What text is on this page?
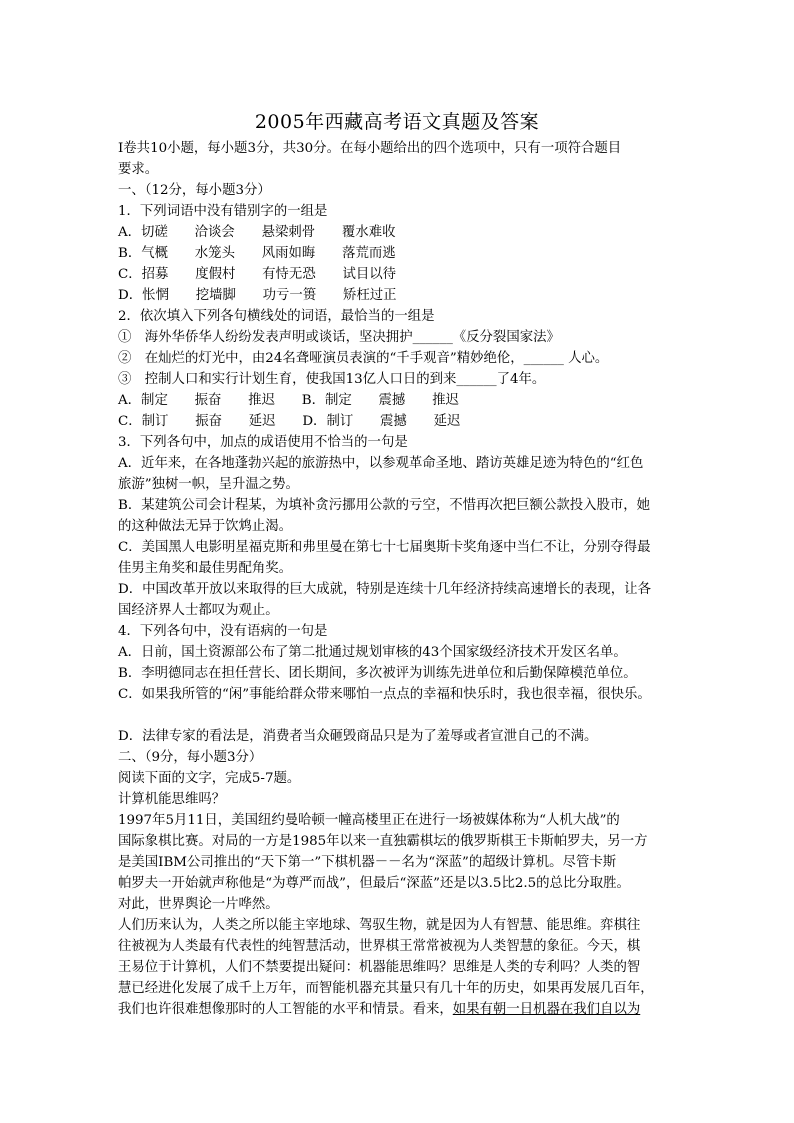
2005年西藏高考语文真题及答案
Ⅰ卷共10小题，每小题3分，共30分。在每小题给出的四个选项中，只有一项符合题目
要求。
一、（12分，每小题3分）
1．下列词语中没有错别字的一组是
A．切磋　　洽谈会　　悬梁刺骨　　覆水难收
B．气概　　水笼头　　风雨如晦　　落荒而逃
C．招募　　度假村　　有恃无恐　　试目以待
D．怅惘　　挖墙脚　　功亏一篑　　矫枉过正
2．依次填入下列各句横线处的词语，最恰当的一组是
①　海外华侨华人纷纷发表声明或谈话，坚决拥护______《反分裂国家法》
②　在灿烂的灯光中，由24名聋哑演员表演的“千手观音”精妙绝伦，______ 人心。
③　控制人口和实行计划生育，使我国13亿人口日的到来______了4年。
A．制定　　振奋　　推迟　　B．制定　　震撼　　推迟
C．制订　　振奋　　延迟　　D．制订　　震撼　　延迟
3．下列各句中，加点的成语使用不恰当的一句是
A．近年来，在各地蓬勃兴起的旅游热中，以参观革命圣地、踏访英雄足迹为特色的“红色
旅游”独树一帜，呈升温之势。
B．某建筑公司会计程某，为填补贪污挪用公款的亏空，不惜再次把巨额公款投入股市，她
的这种做法无异于饮鸩止渴。
C．美国黑人电影明星福克斯和弗里曼在第七十七届奥斯卡奖角逐中当仁不让，分别夺得最
佳男主角奖和最佳男配角奖。
D．中国改革开放以来取得的巨大成就，特别是连续十几年经济持续高速增长的表现，让各
国经济界人士都叹为观止。
4．下列各句中，没有语病的一句是
A．日前，国土资源部公布了第二批通过规划审核的43个国家级经济技术开发区名单。
B．李明德同志在担任营长、团长期间，多次被评为训练先进单位和后勤保障模范单位。
C．如果我所管的“闲”事能给群众带来哪怕一点点的幸福和快乐时，我也很幸福，很快乐。
D．法律专家的看法是，消费者当众砸毁商品只是为了羞辱或者宣泄自己的不满。
二、（9分，每小题3分）
阅读下面的文字，完成5-7题。
计算机能思维吗？
1997年5月11日，美国纽约曼哈顿一幢高楼里正在进行一场被媒体称为“人机大战”的
国际象棋比赛。对局的一方是1985年以来一直独霸棋坛的俄罗斯棋王卡斯帕罗夫，另一方
是美国IBM公司推出的“天下第一”下棋机器－－名为“深蓝”的超级计算机。尽管卡斯
帕罗夫一开始就声称他是“为尊严而战”，但最后“深蓝”还是以3.5比2.5的总比分取胜。
对此，世界舆论一片哗然。
人们历来认为，人类之所以能主宰地球、驾驭生物，就是因为人有智慧、能思维。弈棋往
往被视为人类最有代表性的纯智慧活动，世界棋王常常被视为人类智慧的象征。今天，棋
王易位于计算机，人们不禁要提出疑问：机器能思维吗？思维是人类的专利吗？人类的智
慧已经进化发展了成千上万年，而智能机器充其量只有几十年的历史，如果再发展几百年，
我们也许很难想像那时的人工智能的水平和情景。看来，如果有朝一日机器在我们自以为
